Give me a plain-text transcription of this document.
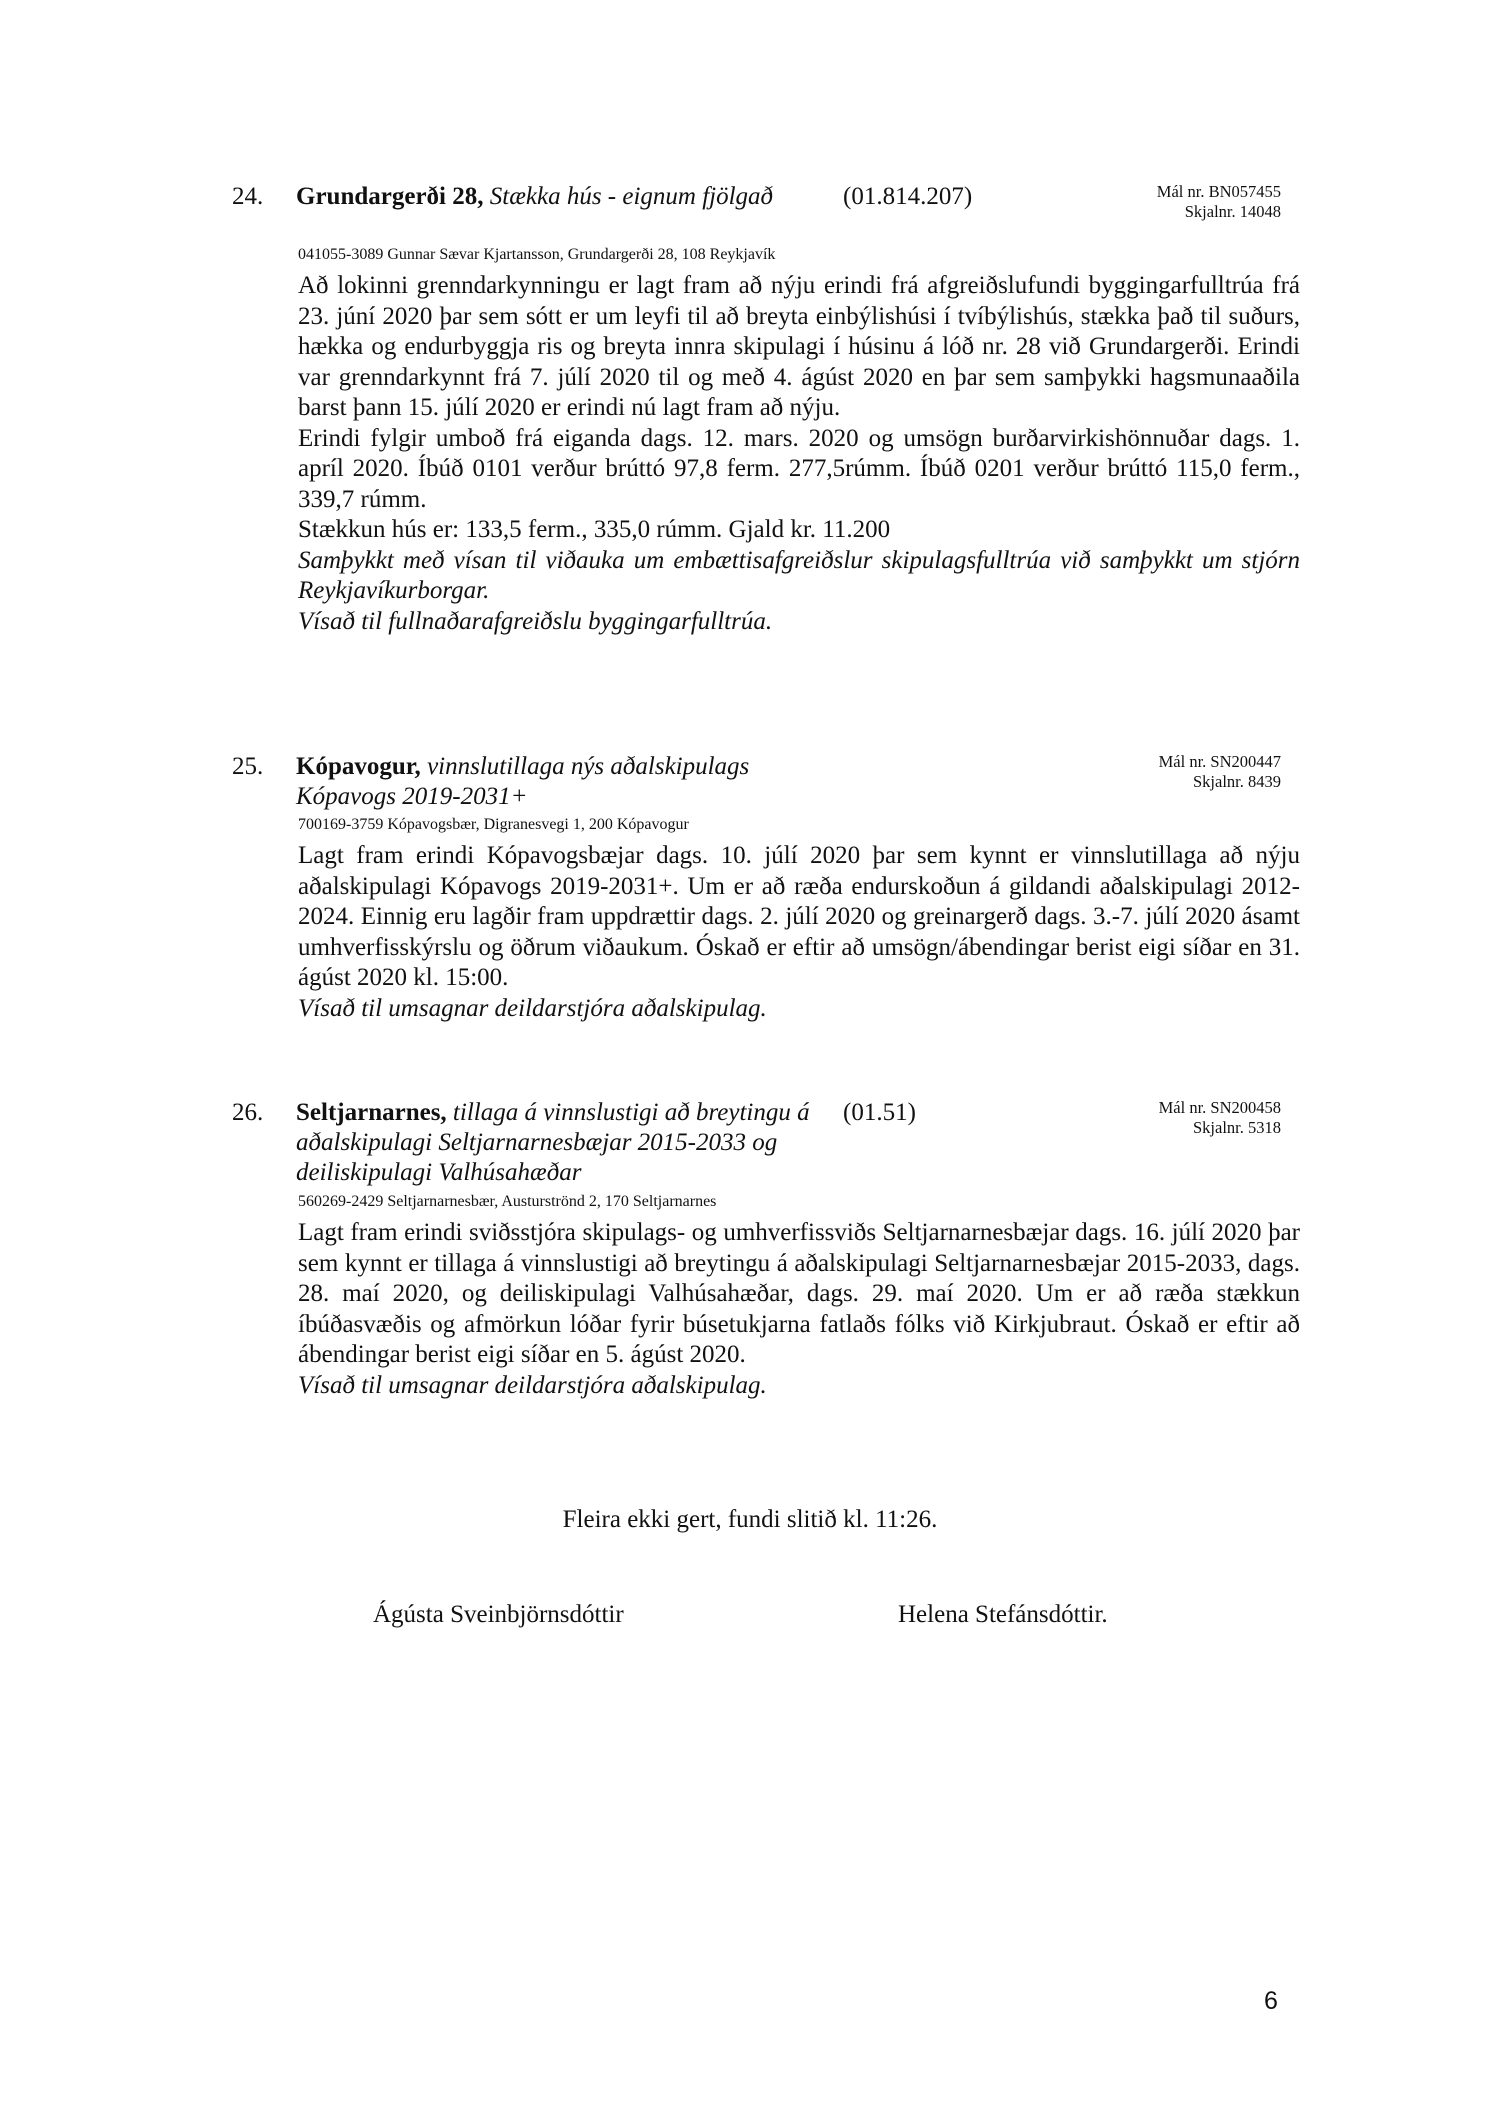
24. Grundargerði 28, Stækka hús - eignum fjölgað	(01.814.207)	Mál nr. BN057455
Skjalnr. 14048
041055-3089 Gunnar Sævar Kjartansson, Grundargerði 28, 108 Reykjavík

Að lokinni grenndarkynningu er lagt fram að nýju erindi frá afgreiðslufundi byggingarfulltrúa frá 23. júní 2020 þar sem sótt er um leyfi til að breyta einbýlishúsi í tvíbýlishús, stækka það til suðurs, hækka og endurbyggja ris og breyta innra skipulagi í húsinu á lóð nr. 28 við Grundargerði. Erindi var grenndarkynnt frá 7. júlí 2020 til og með 4. ágúst 2020 en þar sem samþykki hagsmunaaðila barst þann 15. júlí 2020 er erindi nú lagt fram að nýju.

Erindi fylgir umboð frá eiganda dags. 12. mars. 2020 og umsögn burðarvirkishönnuðar dags. 1. apríl 2020. Íbúð 0101 verður brúttó 97,8 ferm. 277,5rúmm. Íbúð 0201 verður brúttó 115,0 ferm., 339,7 rúmm.

Stækkun hús er: 133,5 ferm., 335,0 rúmm. Gjald kr. 11.200

Samþykkt með vísan til viðauka um embættisafgreiðslur skipulagsfulltrúa við samþykkt um stjórn Reykjavíkurborgar.

Vísað til fullnaðarafgreiðslu byggingarfulltrúa.

25. Kópavogur, vinnslutillaga nýs aðalskipulags Kópavogs 2019-2031+
Mál nr. SN200447
Skjalnr. 8439
700169-3759 Kópavogsbær, Digranesvegi 1, 200 Kópavogur

Lagt fram erindi Kópavogsbæjar dags. 10. júlí 2020 þar sem kynnt er vinnslutillaga að nýju aðalskipulagi Kópavogs 2019-2031+. Um er að ræða endurskoðun á gildandi aðalskipulagi 2012-2024. Einnig eru lagðir fram uppdrættir dags. 2. júlí 2020 og greinargerð dags. 3.-7. júlí 2020 ásamt umhverfisskýrslu og öðrum viðaukum. Óskað er eftir að umsögn/ábendingar berist eigi síðar en 31. ágúst 2020 kl. 15:00.

Vísað til umsagnar deildarstjóra aðalskipulag.

26. Seltjarnarnes, tillaga á vinnslustigi að breytingu á aðalskipulagi Seltjarnarnesbæjar 2015-2033 og deiliskipulagi Valhúsahæðar
(01.51)	Mál nr. SN200458
Skjalnr. 5318
560269-2429 Seltjarnarnesbær, Austurströnd 2, 170 Seltjarnarnes

Lagt fram erindi sviðsstjóra skipulags- og umhverfissviðs Seltjarnarnesbæjar dags. 16. júlí 2020 þar sem kynnt er tillaga á vinnslustigi að breytingu á aðalskipulagi Seltjarnarnesbæjar 2015-2033, dags. 28. maí 2020, og deiliskipulagi Valhúsahæðar, dags. 29. maí 2020. Um er að ræða stækkun íbúðasvæðis og afmörkun lóðar fyrir búsetukjarna fatlaðs fólks við Kirkjubraut. Óskað er eftir að ábendingar berist eigi síðar en 5. ágúst 2020.

Vísað til umsagnar deildarstjóra aðalskipulag.

Fleira ekki gert, fundi slitið kl. 11:26.
Ágústa Sveinbjörnsdóttir	Helena Stefánsdóttir.
6
